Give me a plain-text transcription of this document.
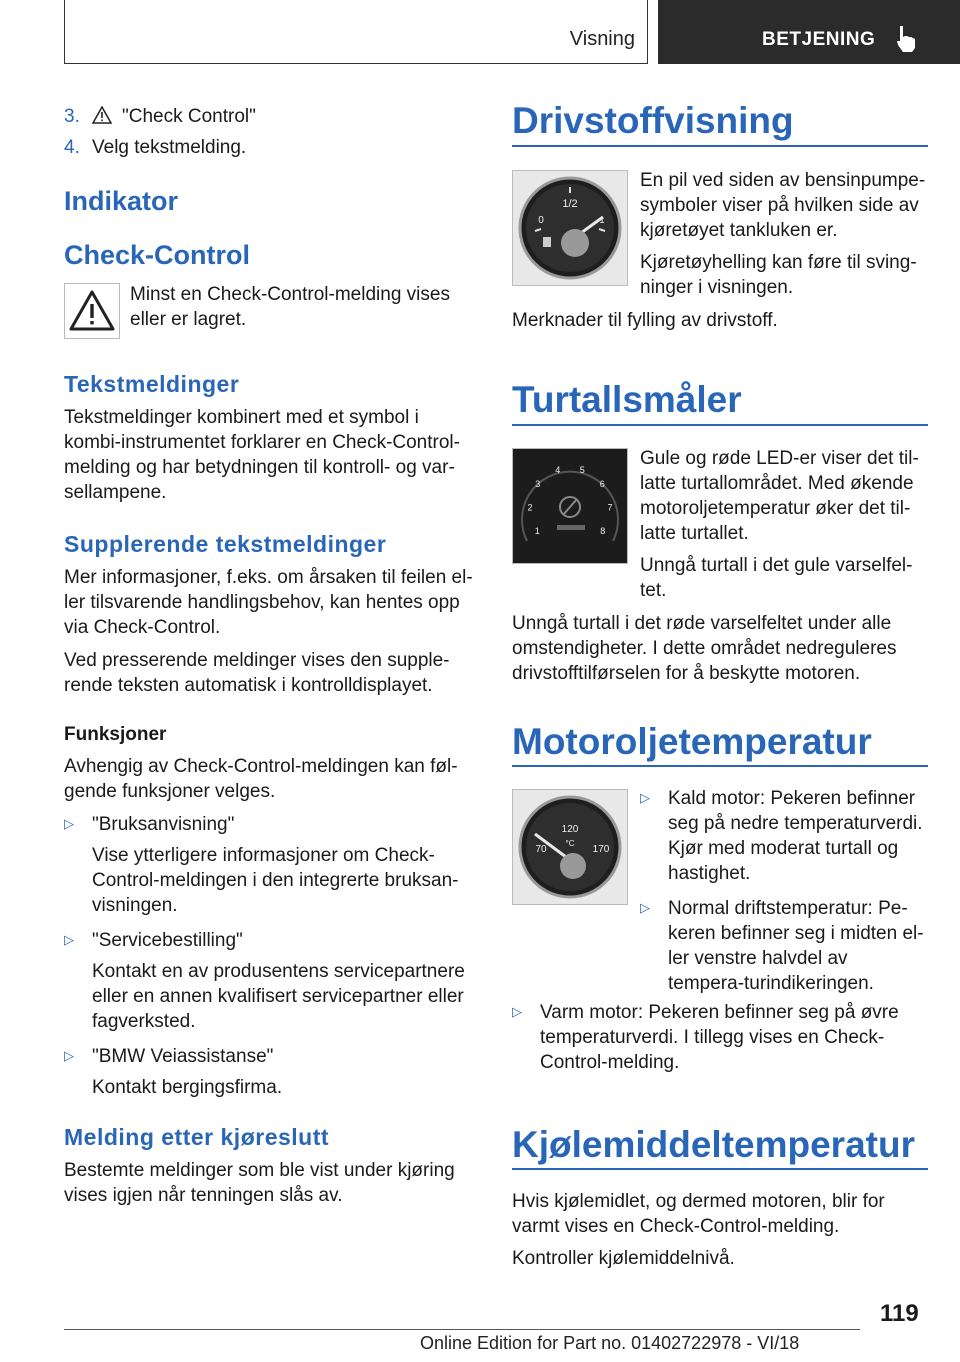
Visning	BETJENING

3. "Check Control"

4. Velg tekstmelding.

Indikator
Check-Control
Minst en Check-Control-melding vises eller er lagret.
Tekstmeldinger
Tekstmeldinger kombinert med et symbol i kombi-instrumentet forklarer en Check-Control-melding og har betydningen til kontroll- og var-sellampene.
Supplerende tekstmeldinger
Mer informasjoner, f.eks. om årsaken til feilen el-ler tilsvarende handlingsbehov, kan hentes opp via Check-Control.
Ved presserende meldinger vises den supple-rende teksten automatisk i kontrolldisplayet.
Funksjoner
Avhengig av Check-Control-meldingen kan føl-gende funksjoner velges.
▷ "Bruksanvisning"
Vise ytterligere informasjoner om Check-Control-meldingen i den integrerte bruksan-visningen.
▷ "Servicebestilling"
Kontakt en av produsentens servicepartnere eller en annen kvalifisert servicepartner eller fagverksted.
▷ "BMW Veiassistanse"
Kontakt bergingsfirma.
Melding etter kjøreslutt
Bestemte meldinger som ble vist under kjøring vises igjen når tenningen slås av.
Drivstoffvisning
1
1/2
0
En pil ved siden av bensinpumpe-symboler viser på hvilken side av kjøretøyet tankluken er.
Kjøretøyhelling kan føre til sving-ninger i visningen.
Merknader til fylling av drivstoff.
Turtallsmåler
1
2
3
4 5
6
7
8
Gule og røde LED-er viser det til-latte turtallområdet. Med økende motoroljetemperatur øker det til-latte turtallet.
Unngå turtall i det gule varselfel-tet.
Unngå turtall i det røde varselfeltet under alle omstendigheter. I dette området nedreguleres drivstofftilførselen for å beskytte motoren.
Motoroljetemperatur
70
120
°C
170
▷ Kald motor: Pekeren befinner seg på nedre temperaturverdi. Kjør med moderat turtall og hastighet.
▷ Normal driftstemperatur: Pe-keren befinner seg i midten el-ler venstre halvdel av tempera-turindikeringen.
▷ Varm motor: Pekeren befinner seg på øvre temperaturverdi. I tillegg vises en Check-Control-melding.
Kjølemiddeltemperatur
Hvis kjølemidlet, og dermed motoren, blir for varmt vises en Check-Control-melding.
Kontroller kjølemiddelnivå.
119
Online Edition for Part no. 01402722978 - VI/18
